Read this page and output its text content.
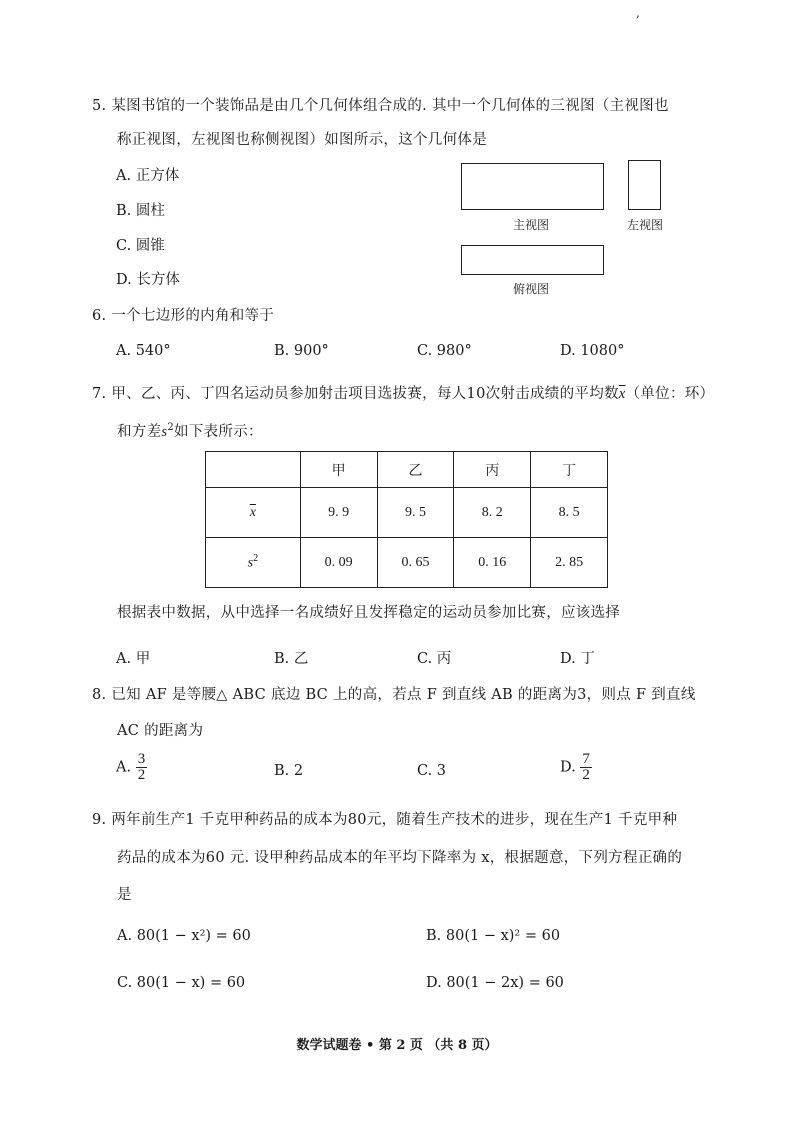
,
5. 某图书馆的一个装饰品是由几个几何体组合成的. 其中一个几何体的三视图（主视图也
称正视图，左视图也称侧视图）如图所示，这个几何体是
A. 正方体
B. 圆柱
C. 圆锥
D. 长方体
主视图	左视图
俯视图
6. 一个七边形的内角和等于
A. 540°	B. 900°	C. 980°	D. 1080°
7. 甲、乙、丙、丁四名运动员参加射击项目选拔赛，每人10次射击成绩的平均数$\overline{x}$（单位：环）
和方差$s^2$如下表所示：
	甲	乙	丙	丁
$\overline{x}$	9. 9	9. 5	8. 2	8. 5
$s^2$	0. 09	0. 65	0. 16	2. 85
根据表中数据，从中选择一名成绩好且发挥稳定的运动员参加比赛，应该选择
A. 甲	B. 乙	C. 丙	D. 丁
8. 已知 AF 是等腰△ ABC 底边 BC 上的高，若点 F 到直线 AB 的距离为3，则点 F 到直线
AC 的距离为
A. $\frac{3}{2}$	B. 2	C. 3	D. $\frac{7}{2}$
9. 两年前生产1 千克甲种药品的成本为80元，随着生产技术的进步，现在生产1 千克甲种
药品的成本为60 元. 设甲种药品成本的年平均下降率为 x，根据题意，下列方程正确的
是
A. 80(1 − x²) = 60	B. 80(1 − x)² = 60
C. 80(1 − x) = 60	D. 80(1 − 2x) = 60
数学试题卷 • 第 2 页 （共 8 页）
